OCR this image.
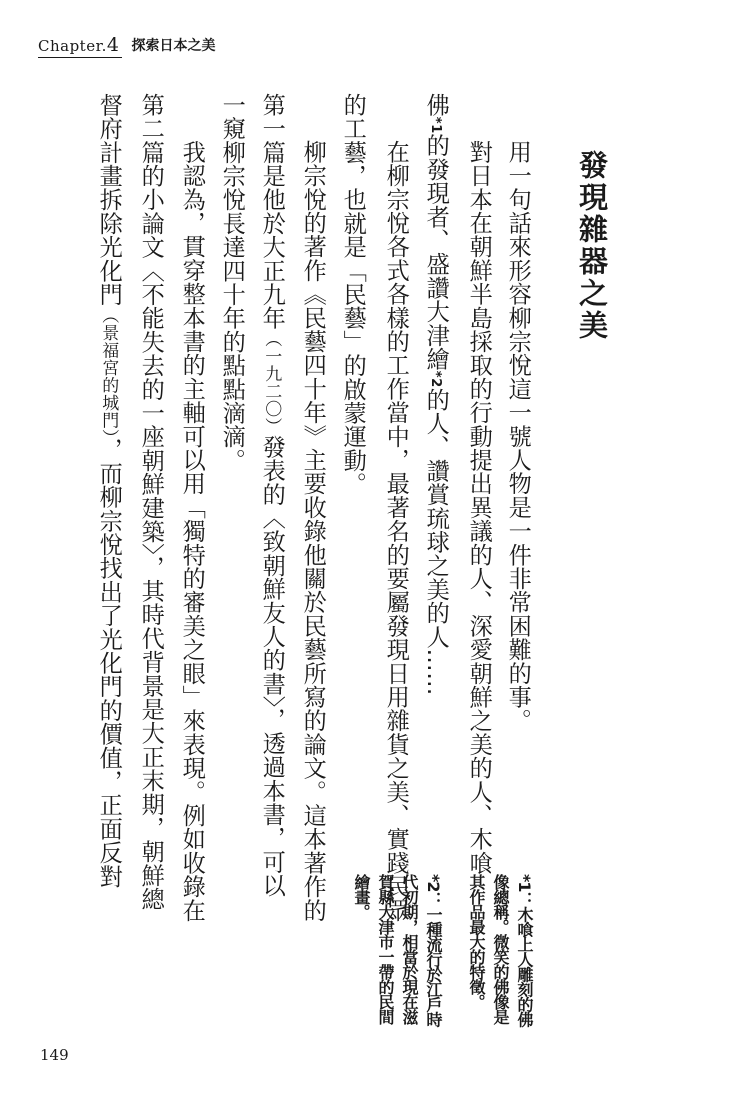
Chapter.4 探索日本之美
發現雜器之美
用一句話來形容柳宗悅這一號人物是一件非常困難的事。
對日本在朝鮮半島採取的行動提出異議的人、深愛朝鮮之美的人、木喰
佛*1的發現者、盛讚大津繪*2的人、讚賞琉球之美的人……
在柳宗悅各式各樣的工作當中，最著名的要屬發現日用雜貨之美、實踐民眾
的工藝，也就是「民藝」的啟蒙運動。
柳宗悅的著作《民藝四十年》主要收錄他關於民藝所寫的論文。這本著作的
第一篇是他於大正九年（一九二〇）發表的〈致朝鮮友人的書〉，透過本書，可以
一窺柳宗悅長達四十年的點點滴滴。
我認為，貫穿整本書的主軸可以用「獨特的審美之眼」來表現。例如收錄在
第二篇的小論文〈不能失去的一座朝鮮建築〉，其時代背景是大正末期，朝鮮總
督府計畫拆除光化門（景福宮的城門），而柳宗悅找出了光化門的價值，正面反對
*1：木喰上人雕刻的佛
像總稱。微笑的佛像是
其作品最大的特徵。
*2：一種流行於江戶時
代初期，相當於現在滋
賀縣大津市一帶的民間
繪畫。
149
